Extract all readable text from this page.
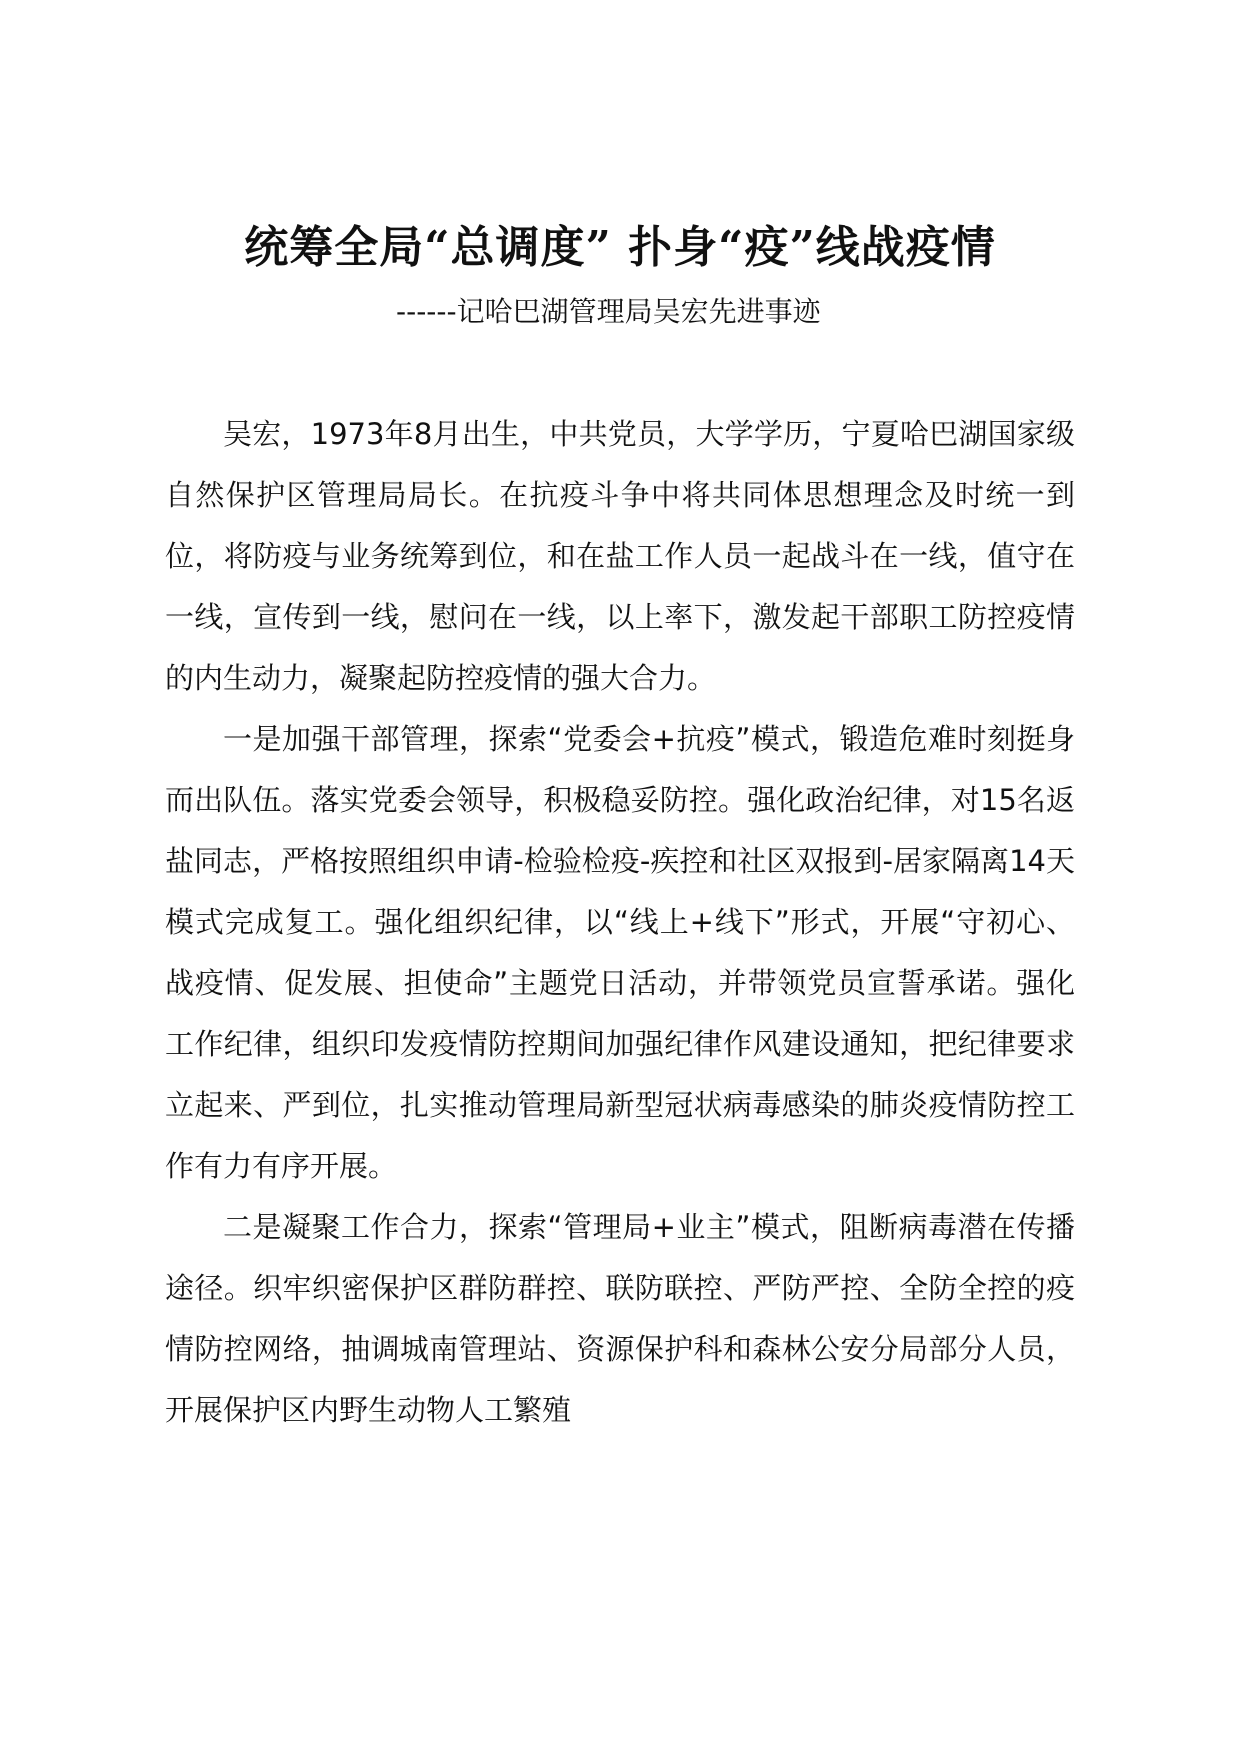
统筹全局“总调度” 扑身“疫”线战疫情
------记哈巴湖管理局吴宏先进事迹

吴宏，1973年8月出生，中共党员，大学学历，宁夏哈巴湖国家级自然保护区管理局局长。在抗疫斗争中将共同体思想理念及时统一到位，将防疫与业务统筹到位，和在盐工作人员一起战斗在一线，值守在一线，宣传到一线，慰问在一线，以上率下，激发起干部职工防控疫情的内生动力，凝聚起防控疫情的强大合力。

一是加强干部管理，探索“党委会+抗疫”模式，锻造危难时刻挺身而出队伍。落实党委会领导，积极稳妥防控。强化政治纪律，对15名返盐同志，严格按照组织申请-检验检疫-疾控和社区双报到-居家隔离14天模式完成复工。强化组织纪律，以“线上+线下”形式，开展“守初心、战疫情、促发展、担使命”主题党日活动，并带领党员宣誓承诺。强化工作纪律，组织印发疫情防控期间加强纪律作风建设通知，把纪律要求立起来、严到位，扎实推动管理局新型冠状病毒感染的肺炎疫情防控工作有力有序开展。

二是凝聚工作合力，探索“管理局+业主”模式，阻断病毒潜在传播途径。织牢织密保护区群防群控、联防联控、严防严控、全防全控的疫情防控网络，抽调城南管理站、资源保护科和森林公安分局部分人员，开展保护区内野生动物人工繁殖
